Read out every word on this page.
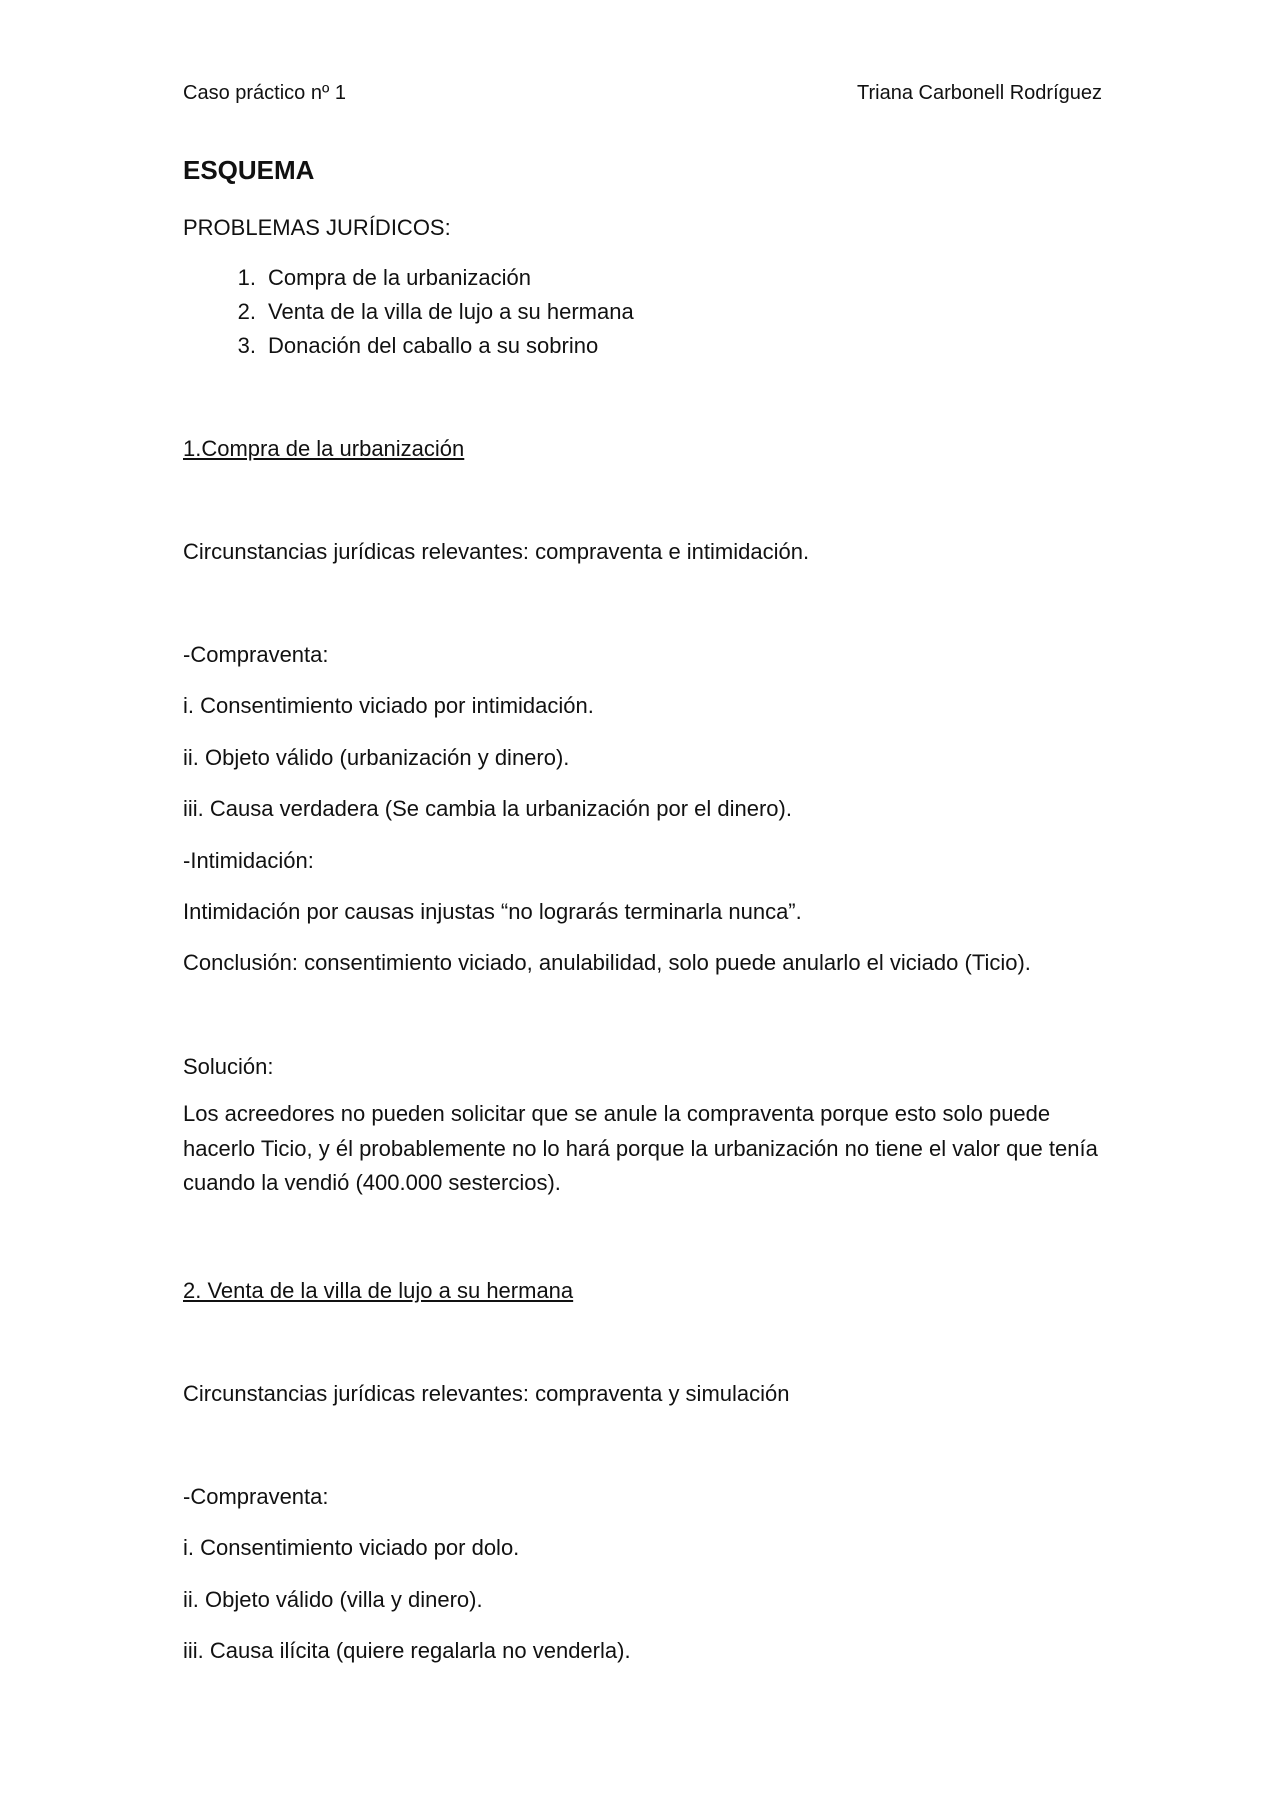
Caso práctico nº 1	Triana Carbonell Rodríguez

ESQUEMA

PROBLEMAS JURÍDICOS:

1. Compra de la urbanización

2. Venta de la villa de lujo a su hermana

3. Donación del caballo a su sobrino

1.Compra de la urbanización

Circunstancias jurídicas relevantes: compraventa e intimidación.

-Compraventa:

i. Consentimiento viciado por intimidación.

ii. Objeto válido (urbanización y dinero).

iii. Causa verdadera (Se cambia la urbanización por el dinero).

-Intimidación:

Intimidación por causas injustas “no lograrás terminarla nunca”.

Conclusión: consentimiento viciado, anulabilidad, solo puede anularlo el viciado (Ticio).

Solución:

Los acreedores no pueden solicitar que se anule la compraventa porque esto solo puede hacerlo Ticio, y él probablemente no lo hará porque la urbanización no tiene el valor que tenía cuando la vendió (400.000 sestercios).

2. Venta de la villa de lujo a su hermana

Circunstancias jurídicas relevantes: compraventa y simulación

-Compraventa:

i. Consentimiento viciado por dolo.

ii. Objeto válido (villa y dinero).

iii. Causa ilícita (quiere regalarla no venderla).
